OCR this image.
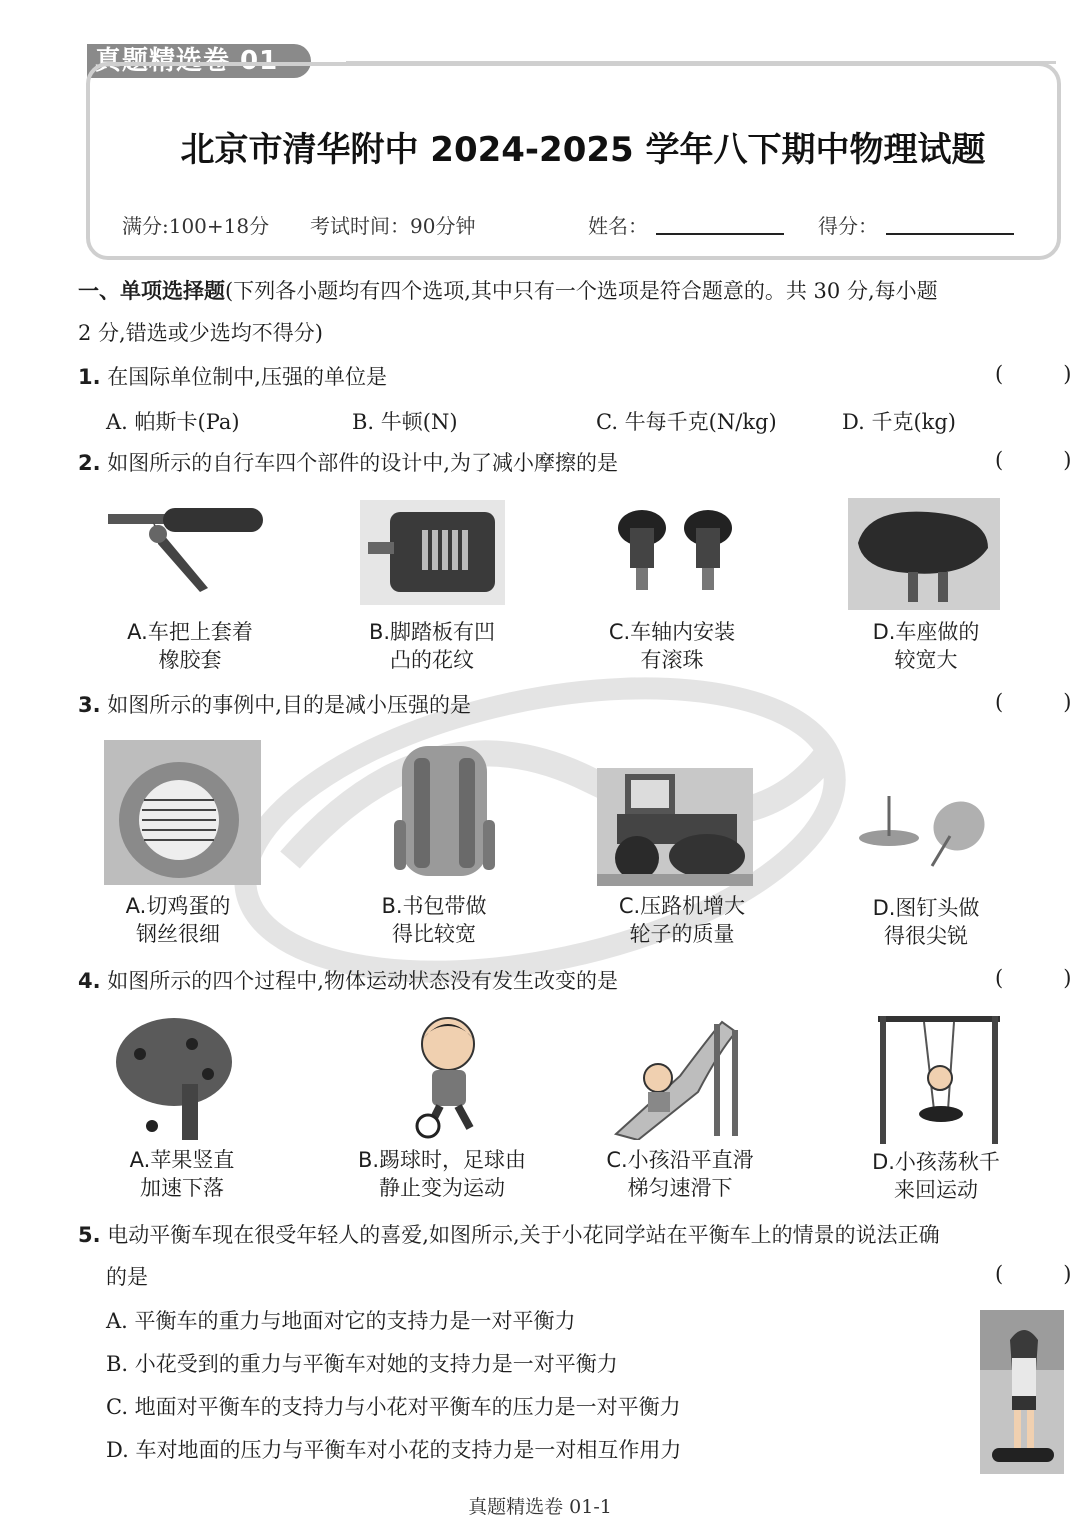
真题精选卷 01
北京市清华附中 2024-2025 学年八下期中物理试题
满分:100+18分 考试时间：90分钟	姓名：	得分：
一、单项选择题(下列各小题均有四个选项,其中只有一个选项是符合题意的。共 30 分,每小题
2 分,错选或少选均不得分)
1. 在国际单位制中,压强的单位是	(         )
A. 帕斯卡(Pa)	B. 牛顿(N)	C. 牛每千克(N/kg)	D. 千克(kg)
2. 如图所示的自行车四个部件的设计中,为了减小摩擦的是	(         )
A.车把上套着
橡胶套
B.脚踏板有凹
凸的花纹
C.车轴内安装
有滚珠
D.车座做的
较宽大
3. 如图所示的事例中,目的是减小压强的是	(         )
A.切鸡蛋的
钢丝很细
B.书包带做
得比较宽
C.压路机增大
轮子的质量
D.图钉头做
得很尖锐
4. 如图所示的四个过程中,物体运动状态没有发生改变的是	(         )
A.苹果竖直
加速下落
B.踢球时，足球由
静止变为运动
C.小孩沿平直滑
梯匀速滑下
D.小孩荡秋千
来回运动
5. 电动平衡车现在很受年轻人的喜爱,如图所示,关于小花同学站在平衡车上的情景的说法正确
的是	(         )
A. 平衡车的重力与地面对它的支持力是一对平衡力
B. 小花受到的重力与平衡车对她的支持力是一对平衡力
C. 地面对平衡车的支持力与小花对平衡车的压力是一对平衡力
D. 车对地面的压力与平衡车对小花的支持力是一对相互作用力
真题精选卷 01-1
